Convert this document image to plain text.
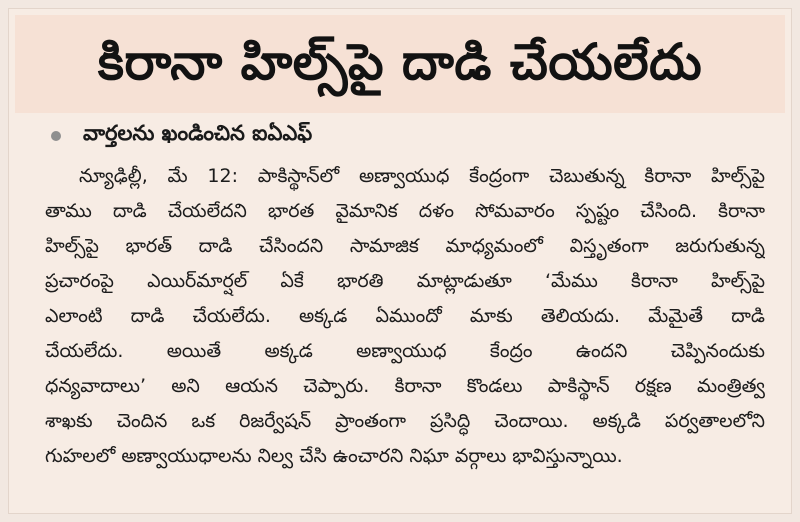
కిరానా హిల్స్‌పై దాడి చేయలేదు
వార్తలను ఖండించిన ఐఏఎఫ్
న్యూఢిల్లీ, మే 12: పాకిస్థాన్‌లో అణ్వాయుధ కేంద్రంగా చెబుతున్న కిరానా హిల్స్‌పై
తాము దాడి చేయలేదని భారత వైమానిక దళం సోమవారం స్పష్టం చేసింది. కిరానా
హిల్స్‌పై భారత్ దాడి చేసిందని సామాజిక మాధ్యమంలో విస్తృతంగా జరుగుతున్న
ప్రచారంపై ఎయిర్‌మార్షల్ ఏకే భారతి మాట్లాడుతూ ‘మేము కిరానా హిల్స్‌పై
ఎలాంటి దాడి చేయలేదు. అక్కడ ఏముందో మాకు తెలియదు. మేమైతే దాడి
చేయలేదు. అయితే అక్కడ అణ్వాయుధ కేంద్రం ఉందని చెప్పినందుకు
ధన్యవాదాలు’ అని ఆయన చెప్పారు. కిరానా కొండలు పాకిస్థాన్ రక్షణ మంత్రిత్వ
శాఖకు చెందిన ఒక రిజర్వేషన్ ప్రాంతంగా ప్రసిద్ధి చెందాయి. అక్కడి పర్వతాలలోని
గుహలలో అణ్వాయుధాలను నిల్వ చేసి ఉంచారని నిఘా వర్గాలు భావిస్తున్నాయి.
